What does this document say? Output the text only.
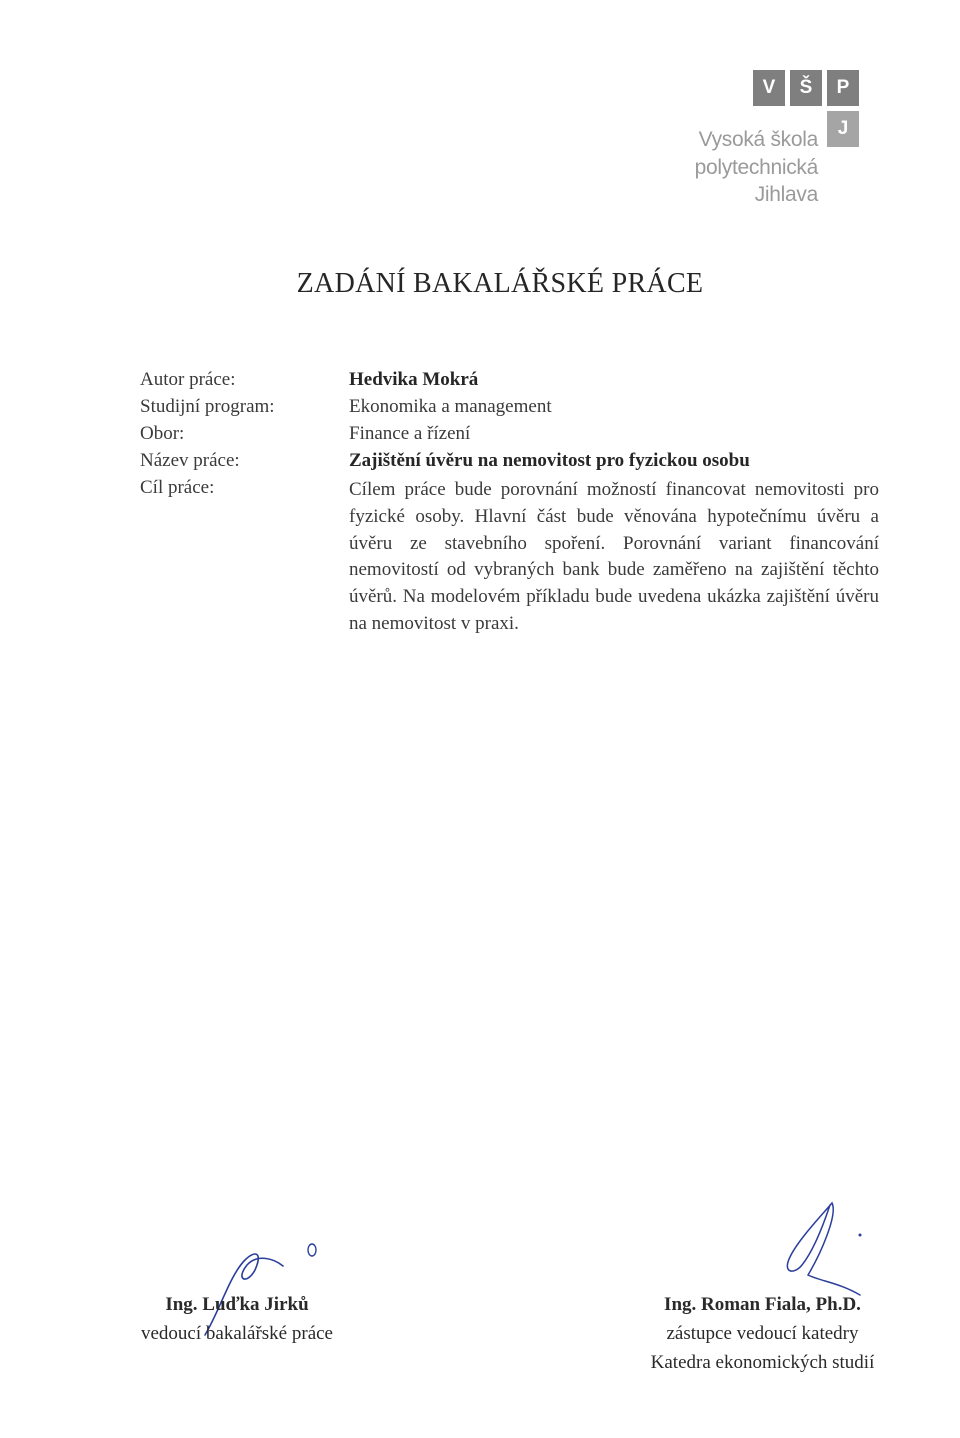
V	Š	P
J
Vysoká škola
polytechnická
Jihlava
ZADÁNÍ BAKALÁŘSKÉ PRÁCE
Autor práce:	Hedvika Mokrá
Studijní program:	Ekonomika a management
Obor:	Finance a řízení
Název práce:	Zajištění úvěru na nemovitost pro fyzickou osobu
Cíl práce:	Cílem práce bude porovnání možností financovat nemovitosti pro fyzické osoby. Hlavní část bude věnována hypotečnímu úvěru a úvěru ze stavebního spoření. Porovnání variant financování nemovitostí od vybraných bank bude zaměřeno na zajištění těchto úvěrů. Na modelovém příkladu bude uvedena ukázka zajištění úvěru na nemovitost v praxi.
Ing. Luďka Jirků
vedoucí bakalářské práce
Ing. Roman Fiala, Ph.D.
zástupce vedoucí katedry
Katedra ekonomických studií
